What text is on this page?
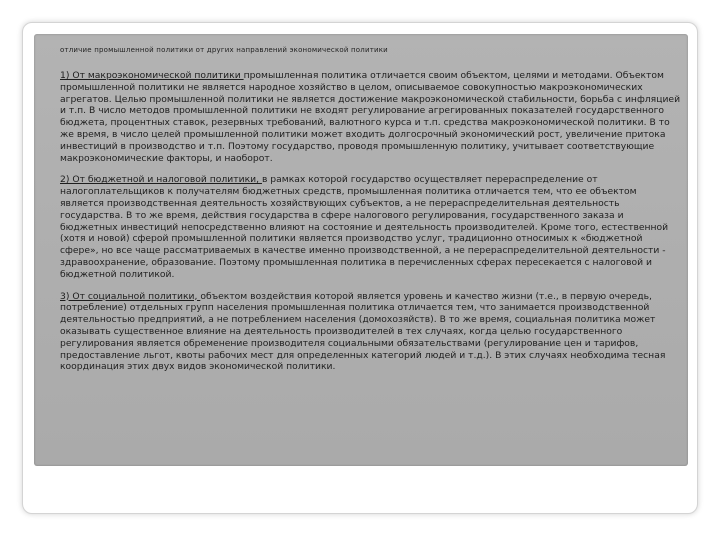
отличие промышленной политики от других направлений экономической политики

1) От макроэкономической политики промышленная политика отличается своим объектом, целями и методами. Объектом промышленной политики не является народное хозяйство в целом, описываемое совокупностью макроэкономических агрегатов. Целью промышленной политики не является достижение макроэкономической стабильности, борьба с инфляцией и т.п. В число методов промышленной политики не входят регулирование агрегированных показателей государственного бюджета, процентных ставок, резервных требований, валютного курса и т.п. средства макроэкономической политики. В то же время, в число целей промышленной политики может входить долгосрочный экономический рост, увеличение притока инвестиций в производство и т.п. Поэтому государство, проводя промышленную политику, учитывает соответствующие макроэкономические факторы, и наоборот.

2) От бюджетной и налоговой политики, в рамках которой государство осуществляет перераспределение от налогоплательщиков к получателям бюджетных средств, промышленная политика отличается тем, что ее объектом является производственная деятельность хозяйствующих субъектов, а не перераспределительная деятельность государства. В то же время, действия государства в сфере налогового регулирования, государственного заказа и бюджетных инвестиций непосредственно влияют на состояние и деятельность производителей. Кроме того, естественной (хотя и новой) сферой промышленной политики является производство услуг, традиционно относимых к «бюджетной сфере», но все чаще рассматриваемых в качестве именно производственной, а не перераспределительной деятельности - здравоохранение, образование. Поэтому промышленная политика в перечисленных сферах пересекается с налоговой и бюджетной политикой.

3) От социальной политики, объектом воздействия которой является уровень и качество жизни (т.е., в первую очередь, потребление) отдельных групп населения промышленная политика отличается тем, что занимается производственной деятельностью предприятий, а не потреблением населения (домохозяйств). В то же время, социальная политика может оказывать существенное влияние на деятельность производителей в тех случаях, когда целью государственного регулирования является обременение производителя социальными обязательствами (регулирование цен и тарифов, предоставление льгот, квоты рабочих мест для определенных категорий людей и т.д.). В этих случаях необходима тесная координация этих двух видов экономической политики.
